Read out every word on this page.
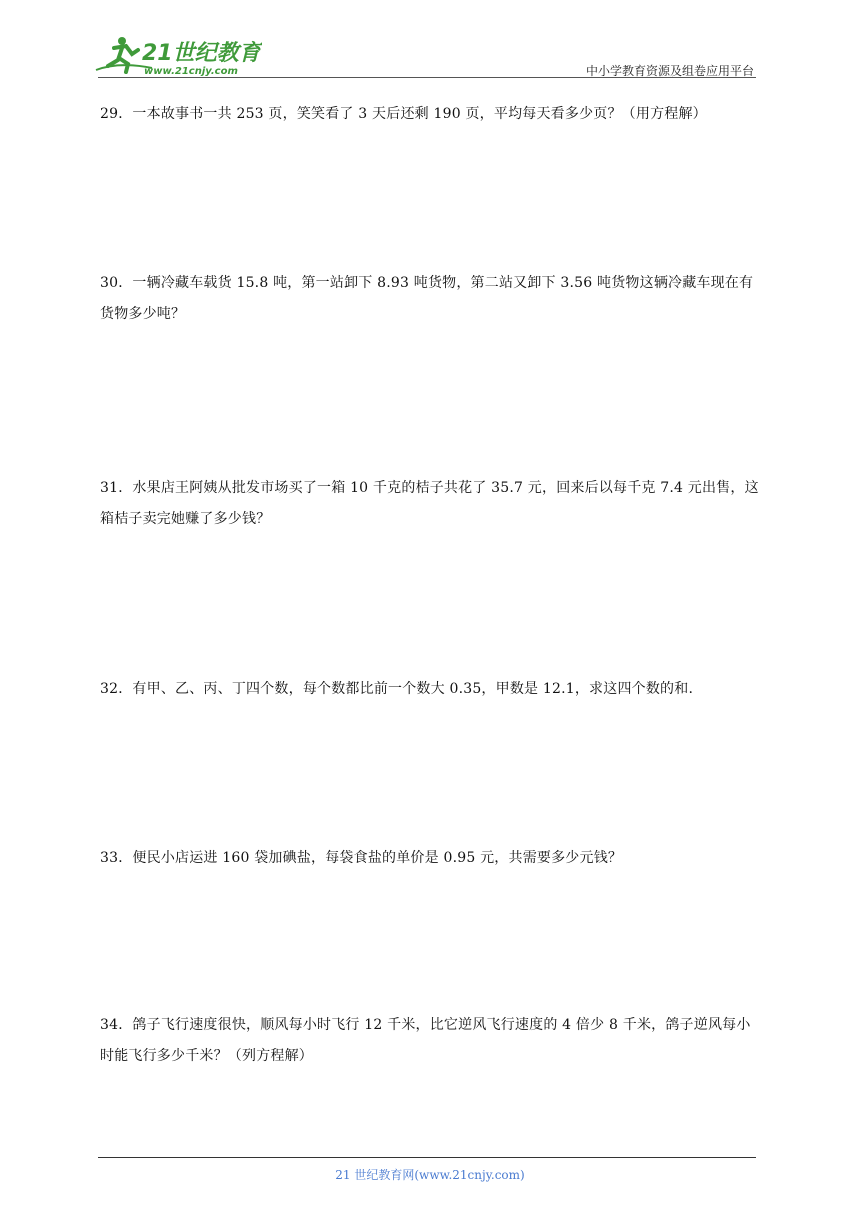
21世纪教育
www.21cnjy.com	中小学教育资源及组卷应用平台
29．一本故事书一共 253 页，笑笑看了 3 天后还剩 190 页，平均每天看多少页？（用方程解）
30．一辆冷藏车载货 15.8 吨，第一站卸下 8.93 吨货物，第二站又卸下 3.56 吨货物这辆冷藏车现在有货物多少吨？
31．水果店王阿姨从批发市场买了一箱 10 千克的桔子共花了 35.7 元，回来后以每千克 7.4 元出售，这箱桔子卖完她赚了多少钱？
32．有甲、乙、丙、丁四个数，每个数都比前一个数大 0.35，甲数是 12.1，求这四个数的和.
33．便民小店运进 160 袋加碘盐，每袋食盐的单价是 0.95 元，共需要多少元钱？
34．鸽子飞行速度很快，顺风每小时飞行 12 千米，比它逆风飞行速度的 4 倍少 8 千米，鸽子逆风每小时能飞行多少千米？（列方程解）
21 世纪教育网(www.21cnjy.com)
